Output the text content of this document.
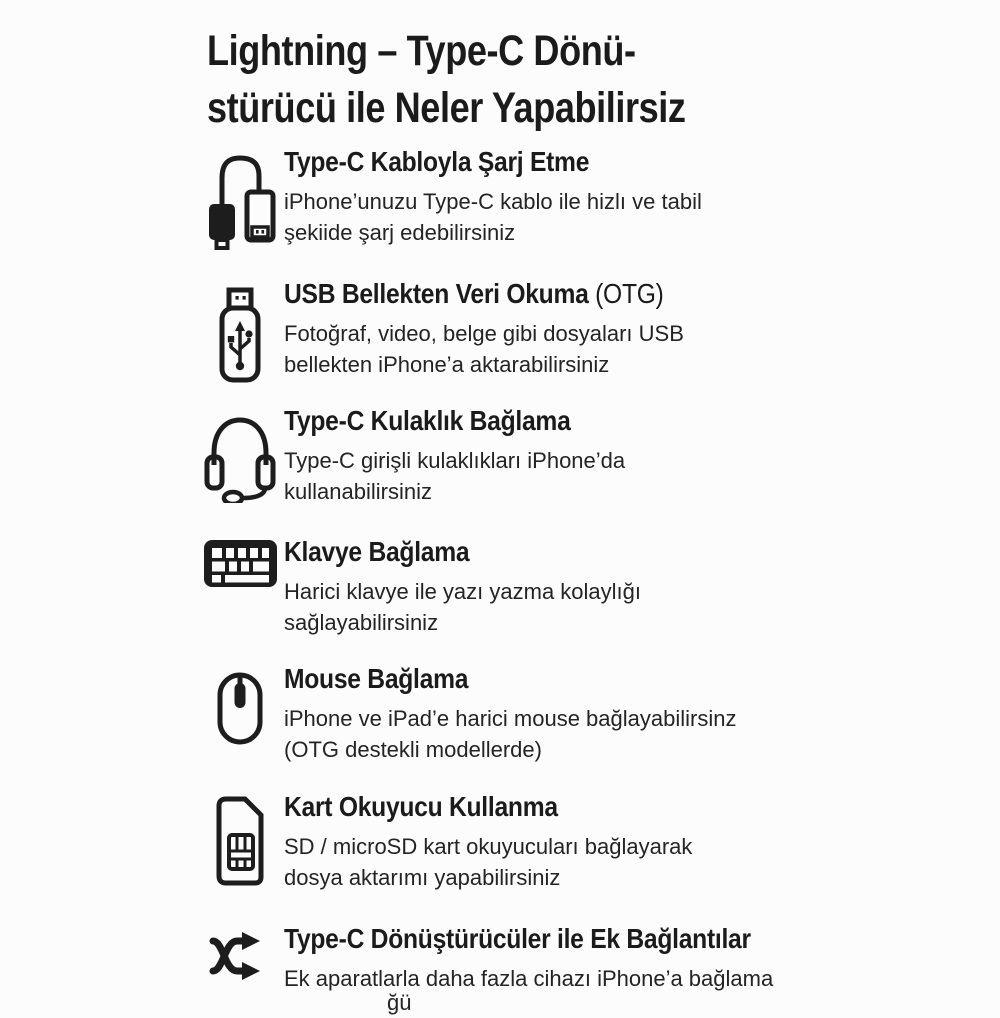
Lightning – Type-C Dönü-
stürücü ile Neler Yapabilirsiz
Type-C Kabloyla Şarj Etme

iPhone’unuzu Type-C kablo ile hizlı ve tabil

şekiide şarj edebilirsiniz

USB Bellekten Veri Okuma (OTG)

Fotoğraf, video, belge gibi dosyaları USB

bellekten iPhone’a aktarabilirsiniz

Type-C Kulaklık Bağlama

Type-C girişli kulaklıkları iPhone’da

kullanabilirsiniz

Klavye Bağlama

Harici klavye ile yazı yazma kolaylığı

sağlayabilirsiniz

Mouse Bağlama

iPhone ve iPad’e harici mouse bağlayabilirsinz

(OTG destekli modellerde)

Kart Okuyucu Kullanma

SD / microSD kart okuyucuları bağlayarak

dosya aktarımı yapabilirsiniz

Type-C Dönüştürücüler ile Ek Bağlantılar

Ek aparatlarla daha fazla cihazı iPhone’a bağlama

ğü
